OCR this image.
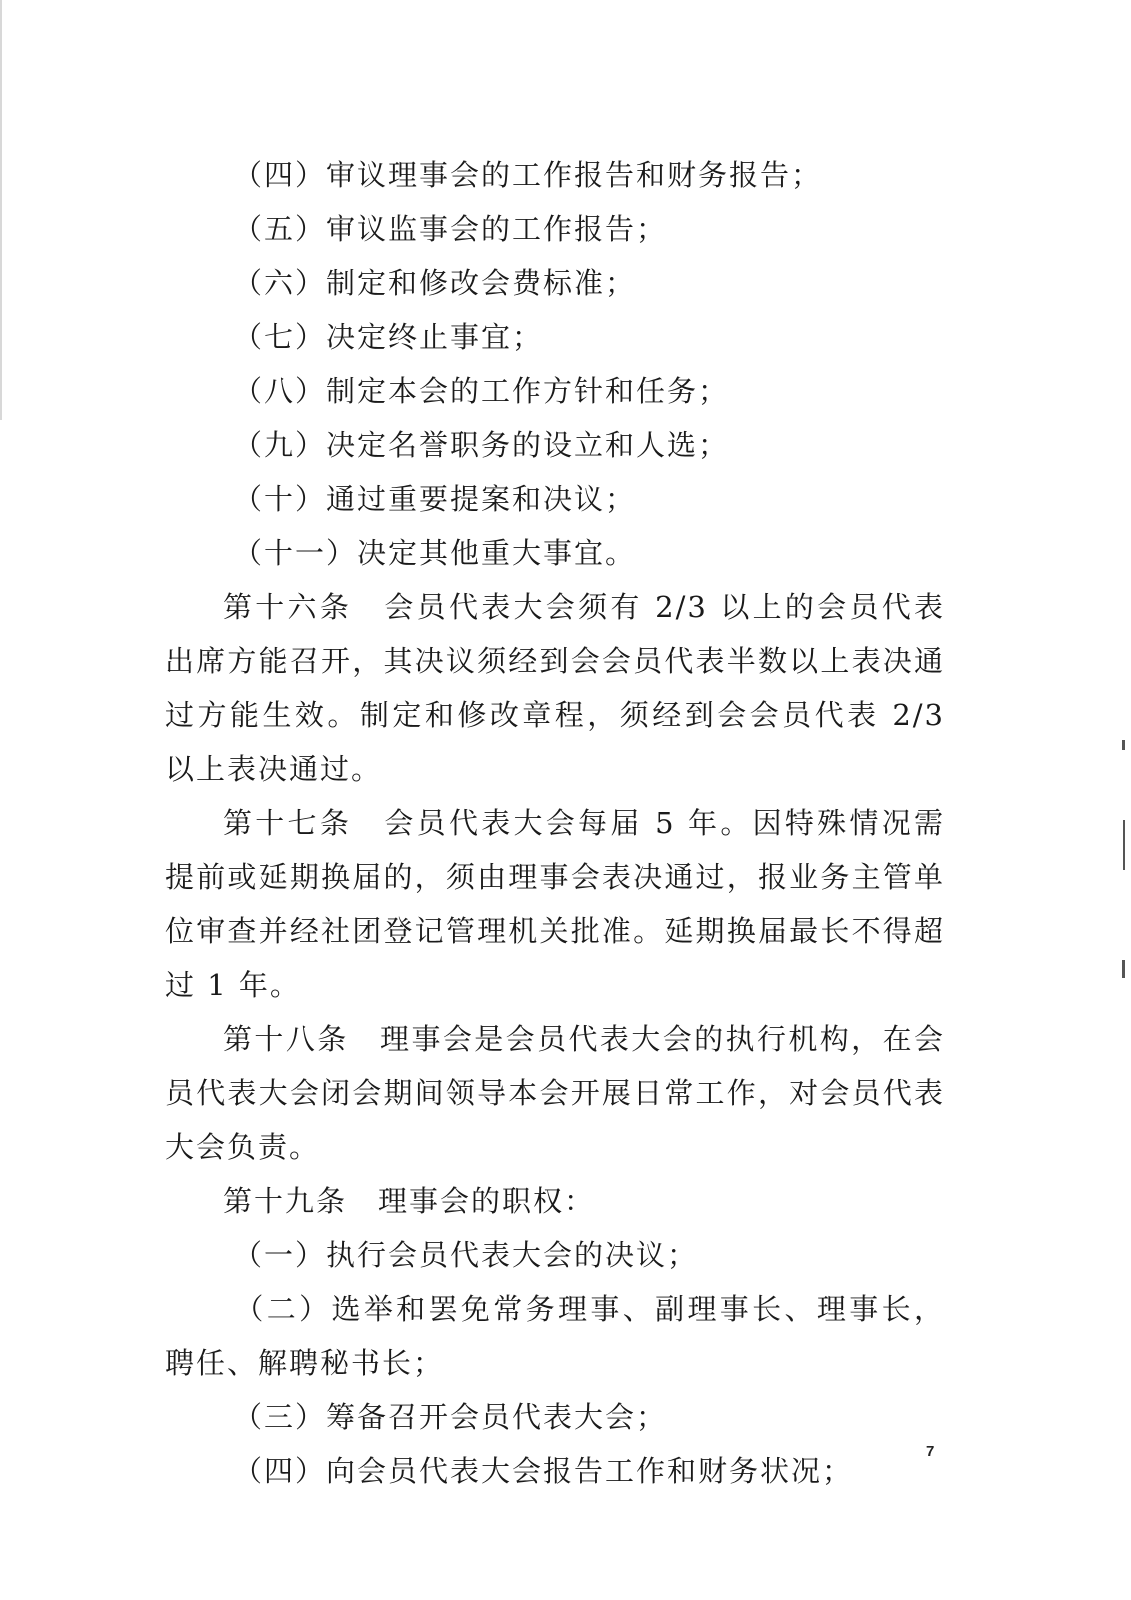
（四）审议理事会的工作报告和财务报告；
（五）审议监事会的工作报告；
（六）制定和修改会费标准；
（七）决定终止事宜；
（八）制定本会的工作方针和任务；
（九）决定名誉职务的设立和人选；
（十）通过重要提案和决议；
（十一）决定其他重大事宜。
第十六条　会员代表大会须有 2/3 以上的会员代表出席方能召开，其决议须经到会会员代表半数以上表决通过方能生效。制定和修改章程，须经到会会员代表 2/3 以上表决通过。
第十七条　会员代表大会每届 5 年。因特殊情况需提前或延期换届的，须由理事会表决通过，报业务主管单位审查并经社团登记管理机关批准。延期换届最长不得超过 1 年。
第十八条　理事会是会员代表大会的执行机构，在会员代表大会闭会期间领导本会开展日常工作，对会员代表大会负责。
第十九条　理事会的职权：
（一）执行会员代表大会的决议；
（二）选举和罢免常务理事、副理事长、理事长，聘任、解聘秘书长；
（三）筹备召开会员代表大会；
（四）向会员代表大会报告工作和财务状况；
7
